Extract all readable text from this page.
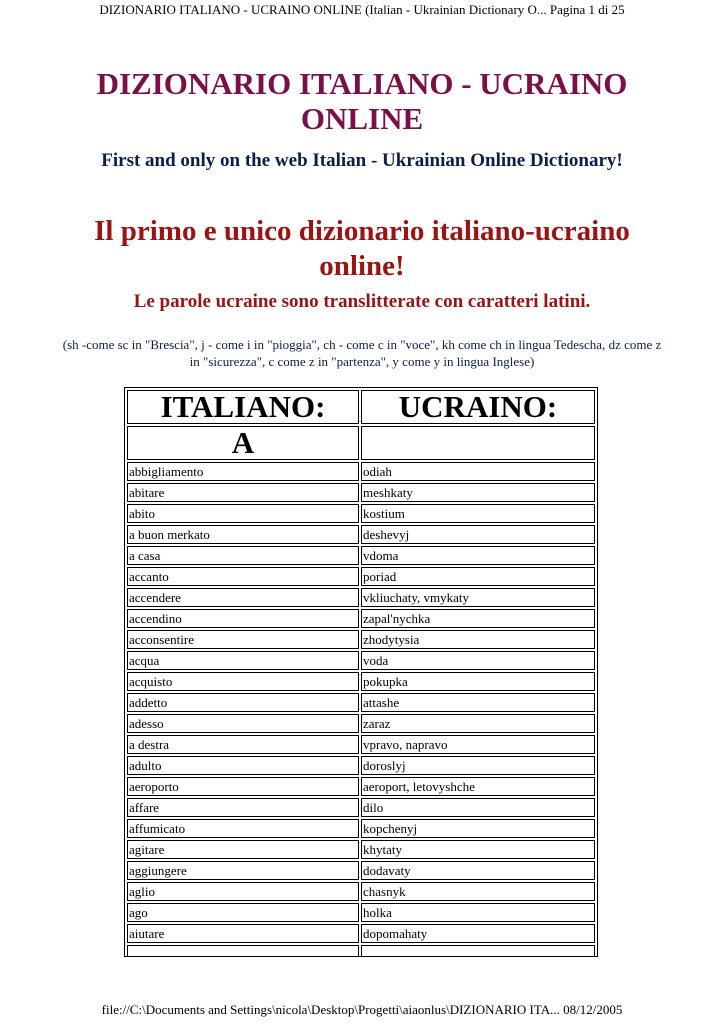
DIZIONARIO ITALIANO - UCRAINO ONLINE (Italian - Ukrainian Dictionary O... Pagina 1 di 25
DIZIONARIO ITALIANO - UCRAINO ONLINE
First and only on the web Italian - Ukrainian Online Dictionary!
Il primo e unico dizionario italiano-ucraino online!
Le parole ucraine sono translitterate con caratteri latini.

(sh -come sc in "Brescia", j - come i in "pioggia", ch - come c in "voce", kh come ch in lingua Tedescha, dz come z in "sicurezza", c come z in "partenza", y come y in lingua Inglese)

ITALIANO:	UCRAINO:
A	
abbigliamento	odiah
abitare	meshkaty
abito	kostium
a buon merkato	deshevyj
a casa	vdoma
accanto	poriad
accendere	vkliuchaty, vmykaty
accendino	zapal'nychka
acconsentire	zhodytysia
acqua	voda
acquisto	pokupka
addetto	attashe
adesso	zaraz
a destra	vpravo, napravo
adulto	doroslyj
aeroporto	aeroport, letovyshche
affare	dilo
affumicato	kopchenyj
agitare	khytaty
aggiungere	dodavaty
aglio	chasnyk
ago	holka
aiutare	dopomahaty

file://C:\Documents and Settings\nicola\Desktop\Progetti\aiaonlus\DIZIONARIO ITA... 08/12/2005
